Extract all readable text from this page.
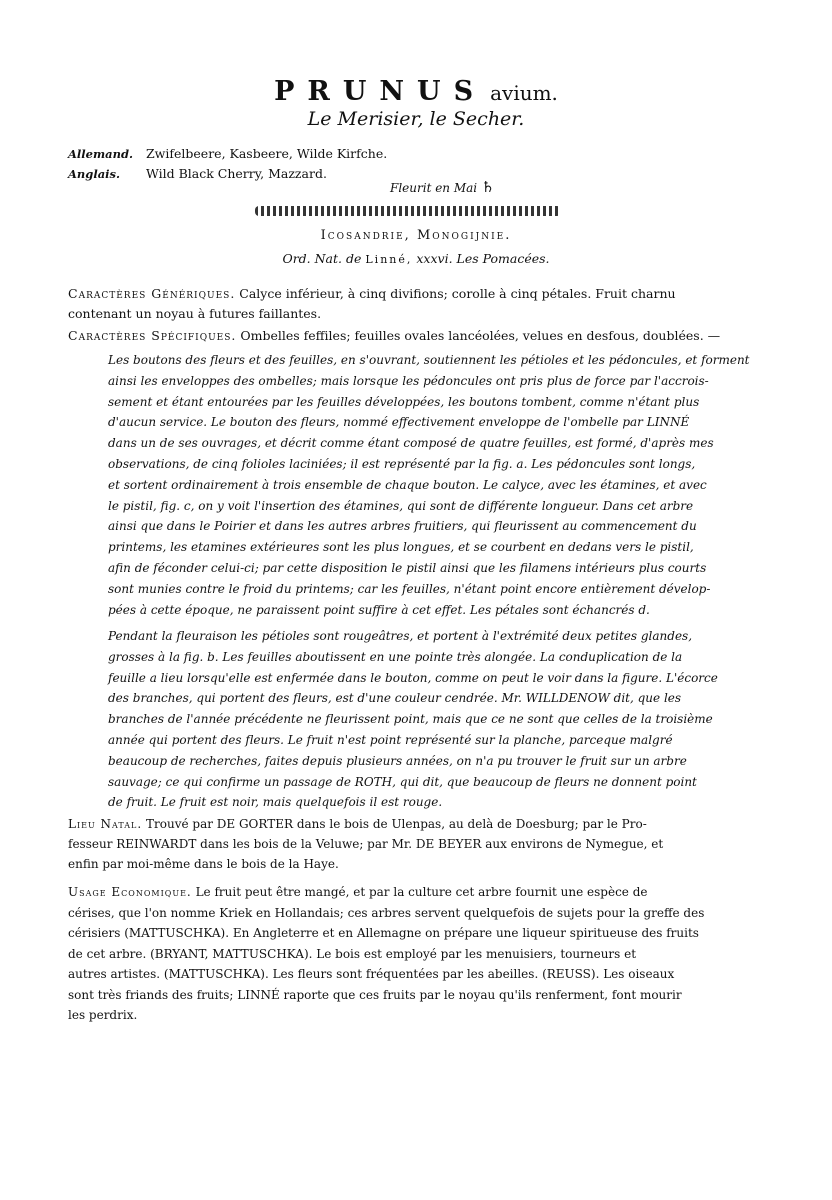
PRUNUS avium.
Le Merisier, le Secher.
Allemand. Zwifelbeere, Kasbeere, Wilde Kirfche.
Anglais. Wild Black Cherry, Mazzard.
Fleurit en Mai ♄
Icosandrie, Monogijnie.
Ord. Nat. de Linné, xxxvi. Les Pomacées.
Caractères Génériques. Calyce inférieur, à cinq divifions; corolle à cinq pétales. Fruit charnu
contenant un noyau à futures faillantes.
Caractères Spécifiques. Ombelles feffiles; feuilles ovales lancéolées, velues en desfous, doublées. —
Les boutons des fleurs et des feuilles, en s'ouvrant, soutiennent les pétioles et les pédoncules, et forment
ainsi les enveloppes des ombelles; mais lorsque les pédoncules ont pris plus de force par l'accrois-
sement et étant entourées par les feuilles développées, les boutons tombent, comme n'étant plus
d'aucun service. Le bouton des fleurs, nommé effectivement enveloppe de l'ombelle par LINNÉ
dans un de ses ouvrages, et décrit comme étant composé de quatre feuilles, est formé, d'après mes
observations, de cinq folioles laciniées; il est représenté par la fig. a. Les pédoncules sont longs,
et sortent ordinairement à trois ensemble de chaque bouton. Le calyce, avec les étamines, et avec
le pistil, fig. c, on y voit l'insertion des étamines, qui sont de différente longueur. Dans cet arbre
ainsi que dans le Poirier et dans les autres arbres fruitiers, qui fleurissent au commencement du
printems, les etamines extérieures sont les plus longues, et se courbent en dedans vers le pistil,
afin de féconder celui-ci; par cette disposition le pistil ainsi que les filamens intérieurs plus courts
sont munies contre le froid du printems; car les feuilles, n'étant point encore entièrement dévelop-
pées à cette époque, ne paraissent point suffire à cet effet. Les pétales sont échancrés d.
Pendant la fleuraison les pétioles sont rougeâtres, et portent à l'extrémité deux petites glandes,
grosses à la fig. b. Les feuilles aboutissent en une pointe très alongée. La conduplication de la
feuille a lieu lorsqu'elle est enfermée dans le bouton, comme on peut le voir dans la figure. L'écorce
des branches, qui portent des fleurs, est d'une couleur cendrée. Mr. WILLDENOW dit, que les
branches de l'année précédente ne fleurissent point, mais que ce ne sont que celles de la troisième
année qui portent des fleurs. Le fruit n'est point représenté sur la planche, parceque malgré
beaucoup de recherches, faites depuis plusieurs années, on n'a pu trouver le fruit sur un arbre
sauvage; ce qui confirme un passage de ROTH, qui dit, que beaucoup de fleurs ne donnent point
de fruit. Le fruit est noir, mais quelquefois il est rouge.
Lieu Natal. Trouvé par DE GORTER dans le bois de Ulenpas, au delà de Doesburg; par le Pro-
fesseur REINWARDT dans les bois de la Veluwe; par Mr. DE BEYER aux environs de Nymegue, et
enfin par moi-même dans le bois de la Haye.
Usage Economique. Le fruit peut être mangé, et par la culture cet arbre fournit une espèce de
cérises, que l'on nomme Kriek en Hollandais; ces arbres servent quelquefois de sujets pour la greffe des
cérisiers (MATTUSCHKA). En Angleterre et en Allemagne on prépare une liqueur spiritueuse des fruits
de cet arbre. (BRYANT, MATTUSCHKA). Le bois est employé par les menuisiers, tourneurs et
autres artistes. (MATTUSCHKA). Les fleurs sont fréquentées par les abeilles. (REUSS). Les oiseaux
sont très friands des fruits; LINNÉ raporte que ces fruits par le noyau qu'ils renferment, font mourir
les perdrix.
